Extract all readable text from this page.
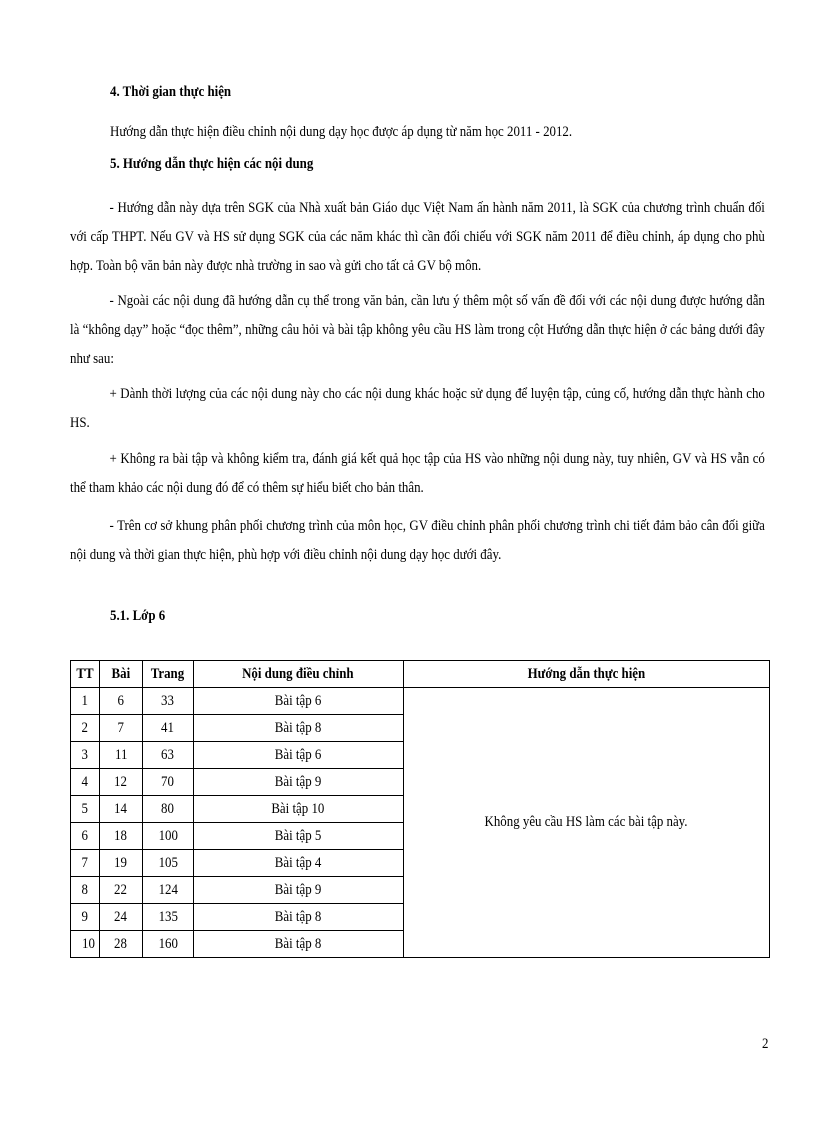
4. Thời gian thực hiện
Hướng dẫn thực hiện điều chỉnh nội dung dạy học được áp dụng từ năm học 2011 - 2012.
5. Hướng dẫn thực hiện các nội dung
- Hướng dẫn này dựa trên SGK của Nhà xuất bản Giáo dục Việt Nam ấn hành năm 2011, là SGK của chương trình chuẩn đối với cấp THPT. Nếu GV và HS sử dụng SGK của các năm khác thì cần đối chiếu với SGK năm 2011 để điều chỉnh, áp dụng cho phù hợp. Toàn bộ văn bản này được nhà trường in sao và gửi cho tất cả GV bộ môn.
- Ngoài các nội dung đã hướng dẫn cụ thể trong văn bản, cần lưu ý thêm một số vấn đề đối với các nội dung được hướng dẫn là “không dạy” hoặc “đọc thêm”, những câu hỏi và bài tập không yêu cầu HS làm trong cột Hướng dẫn thực hiện ở các bảng dưới đây như sau:
+ Dành thời lượng của các nội dung này cho các nội dung khác hoặc sử dụng để luyện tập, củng cố, hướng dẫn thực hành cho HS.
+ Không ra bài tập và không kiểm tra, đánh giá kết quả học tập của HS vào những nội dung này, tuy nhiên, GV và HS vẫn có thể tham khảo các nội dung đó để có thêm sự hiểu biết cho bản thân.
- Trên cơ sở khung phân phối chương trình của môn học, GV điều chỉnh phân phối chương trình chi tiết đảm bảo cân đối giữa nội dung và thời gian thực hiện, phù hợp với điều chỉnh nội dung dạy học dưới đây.
5.1. Lớp 6
TT	Bài	Trang	Nội dung điều chỉnh	Hướng dẫn thực hiện
1	6	33	Bài tập 6	Không yêu cầu HS làm các bài tập này.
2	7	41	Bài tập 8	
3	11	63	Bài tập 6	
4	12	70	Bài tập 9	
5	14	80	Bài tập 10	
6	18	100	Bài tập 5	
7	19	105	Bài tập 4	
8	22	124	Bài tập 9	
9	24	135	Bài tập 8	
10	28	160	Bài tập 8	
2
